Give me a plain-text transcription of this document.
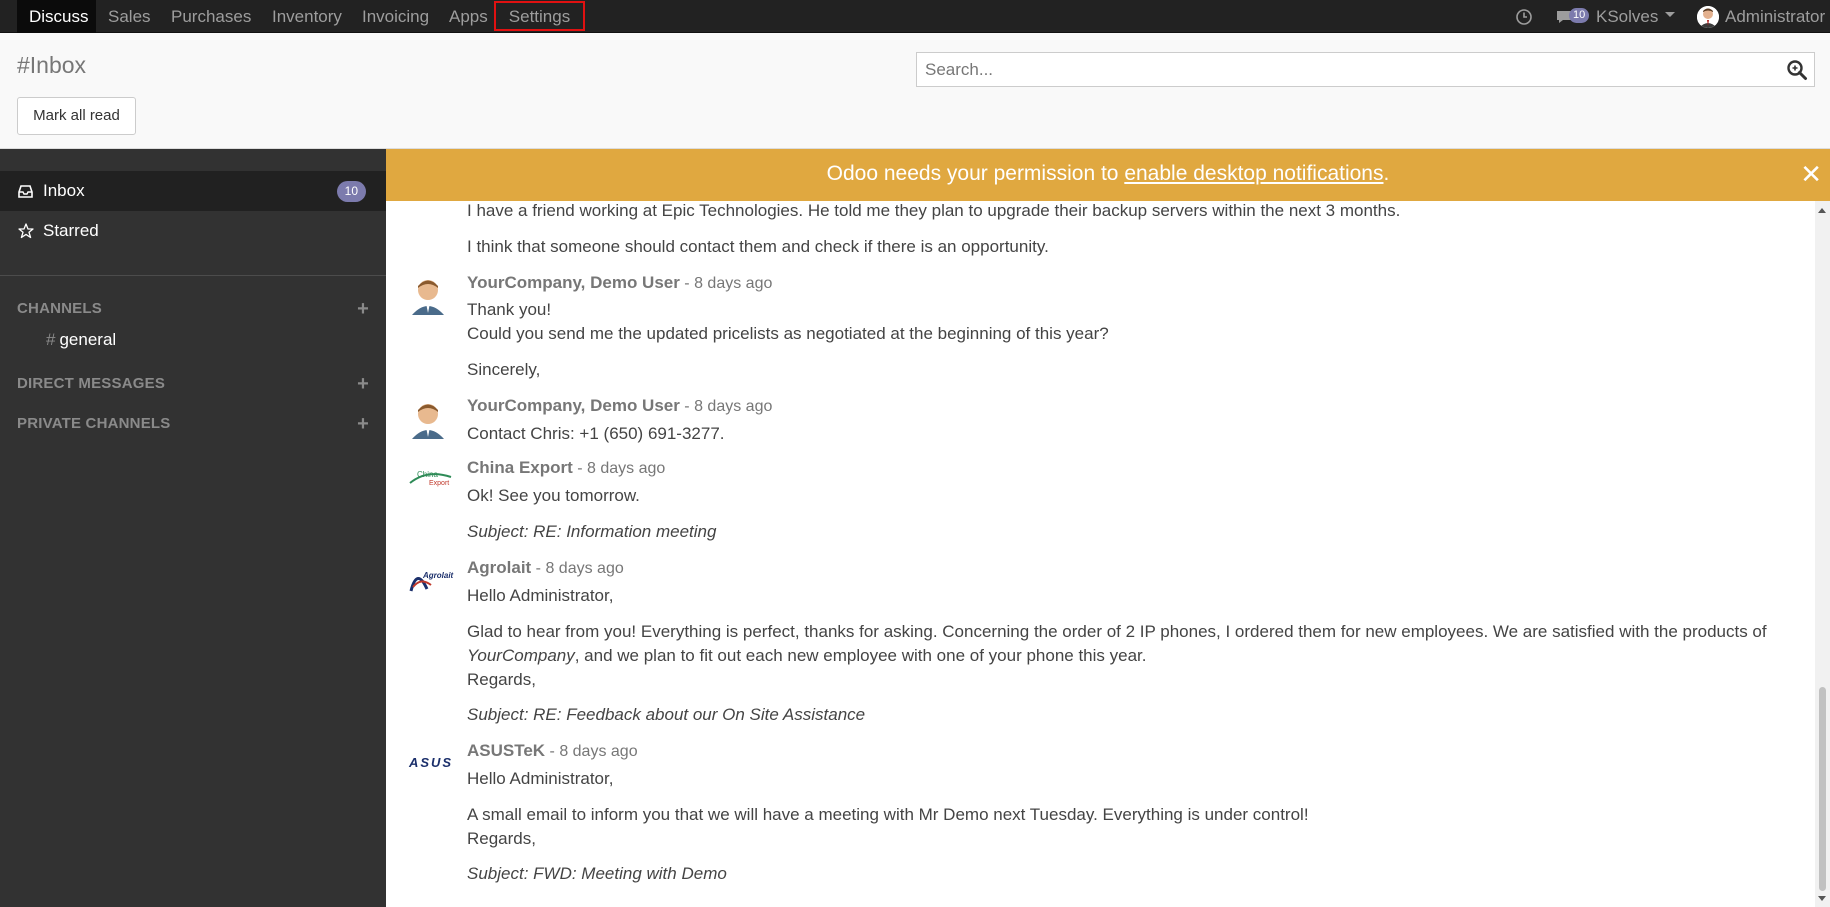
Discuss	Sales Purchases Inventory Invoicing Apps	Settings	10 KSolves	Administrator
#Inbox
Mark all read
Search...
Inbox	10
Starred
CHANNELS	+
# general
DIRECT MESSAGES	+
PRIVATE CHANNELS	+
Odoo needs your permission to enable desktop notifications.	✕
I have a friend working at Epic Technologies. He told me they plan to upgrade their backup servers within the next 3 months.
I think that someone should contact them and check if there is an opportunity.
YourCompany, Demo User - 8 days ago
Thank you!
Could you send me the updated pricelists as negotiated at the beginning of this year?
Sincerely,
YourCompany, Demo User - 8 days ago
Contact Chris: +1 (650) 691-3277.
China
Export
China Export - 8 days ago
Ok! See you tomorrow.
Subject: RE: Information meeting
Agrolait Agrolait - 8 days ago
Hello Administrator,
Glad to hear from you! Everything is perfect, thanks for asking. Concerning the order of 2 IP phones, I ordered them for new employees. We are satisfied with the products of
YourCompany, and we plan to fit out each new employee with one of your phone this year.
Regards,
Subject: RE: Feedback about our On Site Assistance
ASUS
ASUSTeK - 8 days ago
Hello Administrator,
A small email to inform you that we will have a meeting with Mr Demo next Tuesday. Everything is under control!
Regards,
Subject: FWD: Meeting with Demo
